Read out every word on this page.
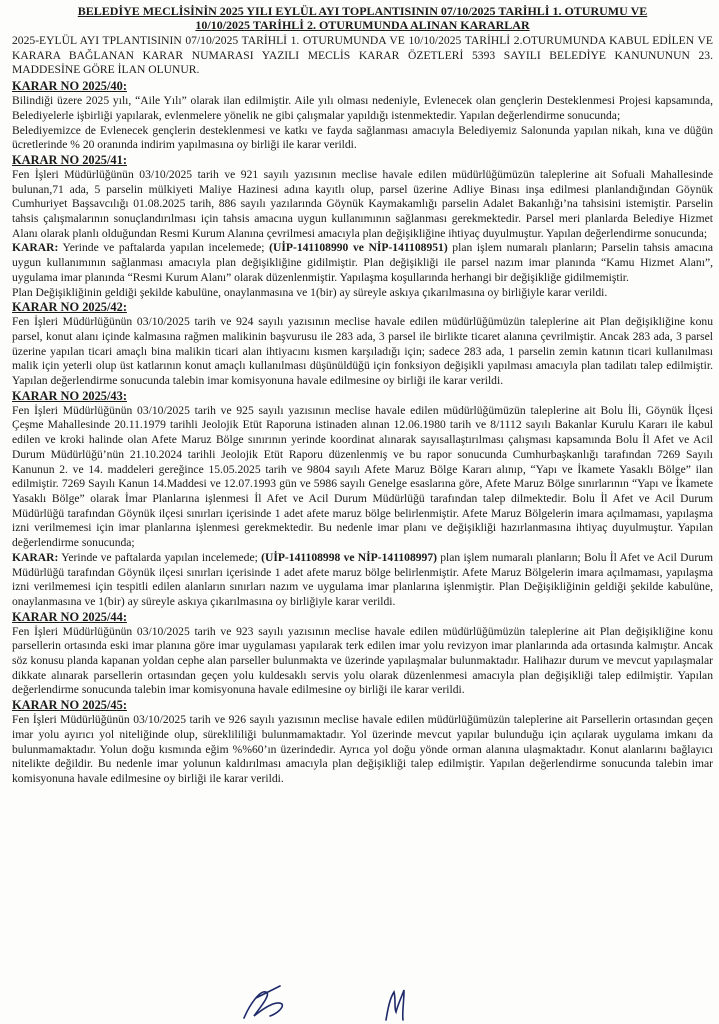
BELEDİYE MECLİSİNİN 2025 YILI EYLÜL AYI TOPLANTISININ 07/10/2025 TARİHLİ 1. OTURUMU VE
10/10/2025 TARİHLİ 2. OTURUMUNDA ALINAN KARARLAR

2025-EYLÜL AYI TPLANTISININ 07/10/2025 TARİHLİ 1. OTURUMUNDA VE 10/10/2025 TARİHLİ 2.OTURUMUNDA KABUL EDİLEN VE KARARA BAĞLANAN KARAR NUMARASI YAZILI MECLİS KARAR ÖZETLERİ 5393 SAYILI BELEDİYE KANUNUNUN 23. MADDESİNE GÖRE İLAN OLUNUR.

KARAR NO 2025/40:

Bilindiği üzere 2025 yılı, “Aile Yılı” olarak ilan edilmiştir. Aile yılı olması nedeniyle, Evlenecek olan gençlerin Desteklenmesi Projesi kapsamında, Belediyelerle işbirliği yapılarak, evlenmelere yönelik ne gibi çalışmalar yapıldığı istenmektedir. Yapılan değerlendirme sonucunda;

Belediyemizce de Evlenecek gençlerin desteklenmesi ve katkı ve fayda sağlanması amacıyla Belediyemiz Salonunda yapılan nikah, kına ve düğün ücretlerinde % 20 oranında indirim yapılmasına oy birliği ile karar verildi.

KARAR NO 2025/41:

Fen İşleri Müdürlüğünün 03/10/2025 tarih ve 921 sayılı yazısının meclise havale edilen müdürlüğümüzün taleplerine ait Sofuali Mahallesinde bulunan,71 ada, 5 parselin mülkiyeti Maliye Hazinesi adına kayıtlı olup, parsel üzerine Adliye Binası inşa edilmesi planlandığından Göynük Cumhuriyet Başsavcılığı 01.08.2025 tarih, 886 sayılı yazılarında Göynük Kaymakamlığı parselin Adalet Bakanlığı’na tahsisini istemiştir. Parselin tahsis çalışmalarının sonuçlandırılması için tahsis amacına uygun kullanımının sağlanması gerekmektedir. Parsel meri planlarda Belediye Hizmet Alanı olarak planlı olduğundan Resmi Kurum Alanına çevrilmesi amacıyla plan değişikliğine ihtiyaç duyulmuştur. Yapılan değerlendirme sonucunda;

KARAR: Yerinde ve paftalarda yapılan incelemede; (UİP-141108990 ve NİP-141108951) plan işlem numaralı planların; Parselin tahsis amacına uygun kullanımının sağlanması amacıyla plan değişikliğine gidilmiştir. Plan değişikliği ile parsel nazım imar planında “Kamu Hizmet Alanı”, uygulama imar planında “Resmi Kurum Alanı” olarak düzenlenmiştir. Yapılaşma koşullarında herhangi bir değişikliğe gidilmemiştir.

Plan Değişikliğinin geldiği şekilde kabulüne, onaylanmasına ve 1(bir) ay süreyle askıya çıkarılmasına oy birliğiyle karar verildi.

KARAR NO 2025/42:

Fen İşleri Müdürlüğünün 03/10/2025 tarih ve 924 sayılı yazısının meclise havale edilen müdürlüğümüzün taleplerine ait Plan değişikliğine konu parsel, konut alanı içinde kalmasına rağmen malikinin başvurusu ile 283 ada, 3 parsel ile birlikte ticaret alanına çevrilmiştir. Ancak 283 ada, 3 parsel üzerine yapılan ticari amaçlı bina malikin ticari alan ihtiyacını kısmen karşıladığı için; sadece 283 ada, 1 parselin zemin katının ticari kullanılması malik için yeterli olup üst katlarının konut amaçlı kullanılması düşünüldüğü için fonksiyon değişikli yapılması amacıyla plan tadilatı talep edilmiştir. Yapılan değerlendirme sonucunda talebin imar komisyonuna havale edilmesine oy birliği ile karar verildi.

KARAR NO 2025/43:

Fen İşleri Müdürlüğünün 03/10/2025 tarih ve 925 sayılı yazısının meclise havale edilen müdürlüğümüzün taleplerine ait Bolu İli, Göynük İlçesi Çeşme Mahallesinde 20.11.1979 tarihli Jeolojik Etüt Raporuna istinaden alınan 12.06.1980 tarih ve 8/1112 sayılı Bakanlar Kurulu Kararı ile kabul edilen ve kroki halinde olan Afete Maruz Bölge sınırının yerinde koordinat alınarak sayısallaştırılması çalışması kapsamında Bolu İl Afet ve Acil Durum Müdürlüğü’nün 21.10.2024 tarihli Jeolojik Etüt Raporu düzenlenmiş ve bu rapor sonucunda Cumhurbaşkanlığı tarafından 7269 Sayılı Kanunun 2. ve 14. maddeleri gereğince 15.05.2025 tarih ve 9804 sayılı Afete Maruz Bölge Kararı alınıp, “Yapı ve İkamete Yasaklı Bölge” ilan edilmiştir. 7269 Sayılı Kanun 14.Maddesi ve 12.07.1993 gün ve 5986 sayılı Genelge esaslarına göre, Afete Maruz Bölge sınırlarının “Yapı ve İkamete Yasaklı Bölge” olarak İmar Planlarına işlenmesi İl Afet ve Acil Durum Müdürlüğü tarafından talep dilmektedir. Bolu İl Afet ve Acil Durum Müdürlüğü tarafından Göynük ilçesi sınırları içerisinde 1 adet afete maruz bölge belirlenmiştir. Afete Maruz Bölgelerin imara açılmaması, yapılaşma izni verilmemesi için imar planlarına işlenmesi gerekmektedir. Bu nedenle imar planı ve değişikliği hazırlanmasına ihtiyaç duyulmuştur. Yapılan değerlendirme sonucunda;

KARAR: Yerinde ve paftalarda yapılan incelemede; (UİP-141108998 ve NİP-141108997) plan işlem numaralı planların; Bolu İl Afet ve Acil Durum Müdürlüğü tarafından Göynük ilçesi sınırları içerisinde 1 adet afete maruz bölge belirlenmiştir. Afete Maruz Bölgelerin imara açılmaması, yapılaşma izni verilmemesi için tespitli edilen alanların sınırları nazım ve uygulama imar planlarına işlenmiştir. Plan Değişikliğinin geldiği şekilde kabulüne, onaylanmasına ve 1(bir) ay süreyle askıya çıkarılmasına oy birliğiyle karar verildi.

KARAR NO 2025/44:

Fen İşleri Müdürlüğünün 03/10/2025 tarih ve 923 sayılı yazısının meclise havale edilen müdürlüğümüzün taleplerine ait Plan değişikliğine konu parsellerin ortasında eski imar planına göre imar uygulaması yapılarak terk edilen imar yolu revizyon imar planlarında ada ortasında kalmıştır. Ancak söz konusu planda kapanan yoldan cephe alan parseller bulunmakta ve üzerinde yapılaşmalar bulunmaktadır. Halihazır durum ve mevcut yapılaşmalar dikkate alınarak parsellerin ortasından geçen yolu kuldesaklı servis yolu olarak düzenlenmesi amacıyla plan değişikliği talep edilmiştir. Yapılan değerlendirme sonucunda talebin imar komisyonuna havale edilmesine oy birliği ile karar verildi.

KARAR NO 2025/45:

Fen İşleri Müdürlüğünün 03/10/2025 tarih ve 926 sayılı yazısının meclise havale edilen müdürlüğümüzün taleplerine ait Parsellerin ortasından geçen imar yolu ayırıcı yol niteliğinde olup, süreklililiği bulunmamaktadır. Yol üzerinde mevcut yapılar bulunduğu için açılarak uygulama imkanı da bulunmamaktadır. Yolun doğu kısmında eğim %%60’ın üzerindedir. Ayrıca yol doğu yönde orman alanına ulaşmaktadır. Konut alanlarını bağlayıcı nitelikte değildir. Bu nedenle imar yolunun kaldırılması amacıyla plan değişikliği talep edilmiştir. Yapılan değerlendirme sonucunda talebin imar komisyonuna havale edilmesine oy birliği ile karar verildi.
